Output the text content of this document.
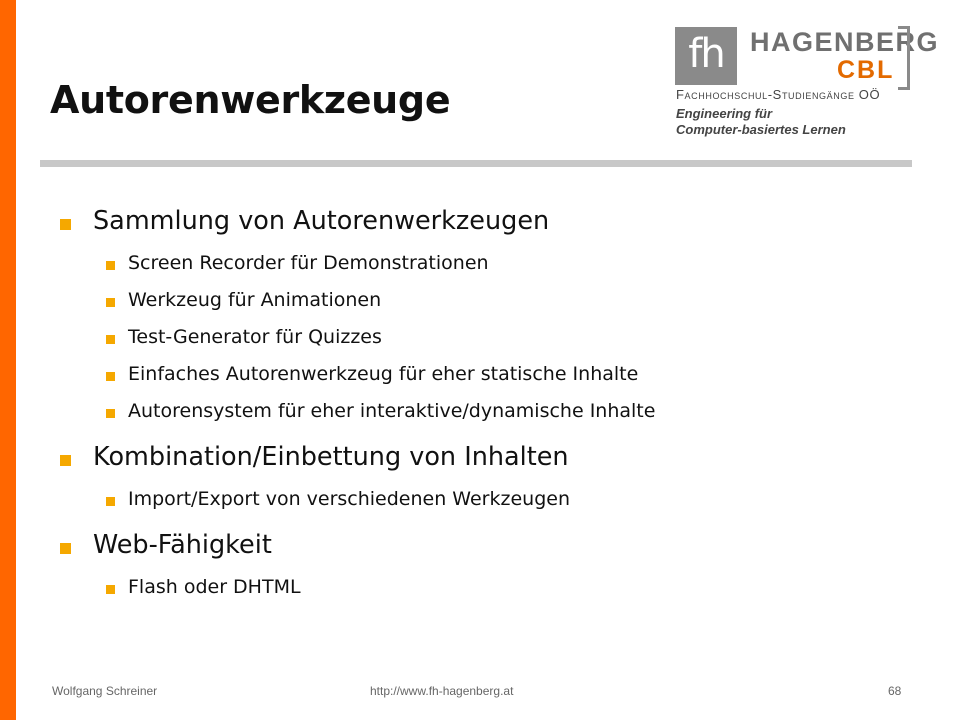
Autorenwerkzeuge
fh HAGENBERG
CBL
Fachhochschul-Studiengänge OÖ
Engineering für
Computer-basiertes Lernen
Sammlung von Autorenwerkzeugen
Screen Recorder für Demonstrationen
Werkzeug für Animationen
Test-Generator für Quizzes
Einfaches Autorenwerkzeug für eher statische Inhalte
Autorensystem für eher interaktive/dynamische Inhalte
Kombination/Einbettung von Inhalten
Import/Export von verschiedenen Werkzeugen
Web-Fähigkeit
Flash oder DHTML
Wolfgang Schreiner	http://www.fh-hagenberg.at	68
